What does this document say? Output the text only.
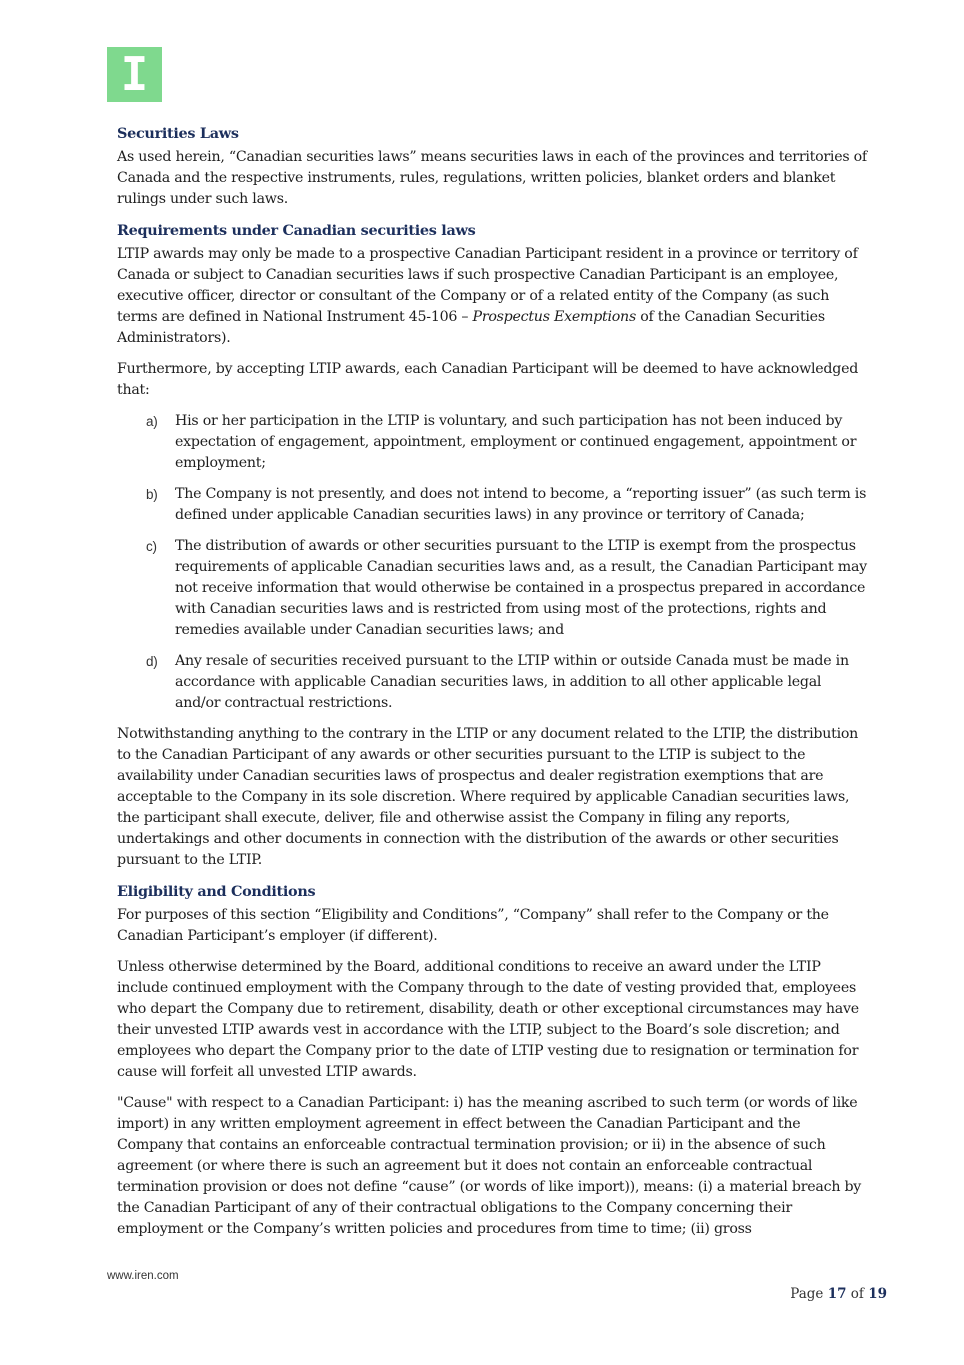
I
Securities Laws

As used herein, “Canadian securities laws” means securities laws in each of the provinces and territories of Canada and the respective instruments, rules, regulations, written policies, blanket orders and blanket rulings under such laws.

Requirements under Canadian securities laws

LTIP awards may only be made to a prospective Canadian Participant resident in a province or territory of Canada or subject to Canadian securities laws if such prospective Canadian Participant is an employee, executive officer, director or consultant of the Company or of a related entity of the Company (as such terms are defined in National Instrument 45-106 – Prospectus Exemptions of the Canadian Securities Administrators).

Furthermore, by accepting LTIP awards, each Canadian Participant will be deemed to have acknowledged that:

a) His or her participation in the LTIP is voluntary, and such participation has not been induced by expectation of engagement, appointment, employment or continued engagement, appointment or employment;
b) The Company is not presently, and does not intend to become, a “reporting issuer” (as such term is defined under applicable Canadian securities laws) in any province or territory of Canada;
c) The distribution of awards or other securities pursuant to the LTIP is exempt from the prospectus requirements of applicable Canadian securities laws and, as a result, the Canadian Participant may not receive information that would otherwise be contained in a prospectus prepared in accordance with Canadian securities laws and is restricted from using most of the protections, rights and remedies available under Canadian securities laws; and
d) Any resale of securities received pursuant to the LTIP within or outside Canada must be made in accordance with applicable Canadian securities laws, in addition to all other applicable legal and/or contractual restrictions.

Notwithstanding anything to the contrary in the LTIP or any document related to the LTIP, the distribution to the Canadian Participant of any awards or other securities pursuant to the LTIP is subject to the availability under Canadian securities laws of prospectus and dealer registration exemptions that are acceptable to the Company in its sole discretion. Where required by applicable Canadian securities laws, the participant shall execute, deliver, file and otherwise assist the Company in filing any reports, undertakings and other documents in connection with the distribution of the awards or other securities pursuant to the LTIP.

Eligibility and Conditions

For purposes of this section “Eligibility and Conditions”, “Company” shall refer to the Company or the Canadian Participant’s employer (if different).

Unless otherwise determined by the Board, additional conditions to receive an award under the LTIP include continued employment with the Company through to the date of vesting provided that, employees who depart the Company due to retirement, disability, death or other exceptional circumstances may have their unvested LTIP awards vest in accordance with the LTIP, subject to the Board’s sole discretion; and employees who depart the Company prior to the date of LTIP vesting due to resignation or termination for cause will forfeit all unvested LTIP awards.

"Cause" with respect to a Canadian Participant: i) has the meaning ascribed to such term (or words of like import) in any written employment agreement in effect between the Canadian Participant and the Company that contains an enforceable contractual termination provision; or ii) in the absence of such agreement (or where there is such an agreement but it does not contain an enforceable contractual termination provision or does not define “cause” (or words of like import)), means: (i) a material breach by the Canadian Participant of any of their contractual obligations to the Company concerning their employment or the Company’s written policies and procedures from time to time; (ii) gross

www.iren.com
Page 17 of 19
